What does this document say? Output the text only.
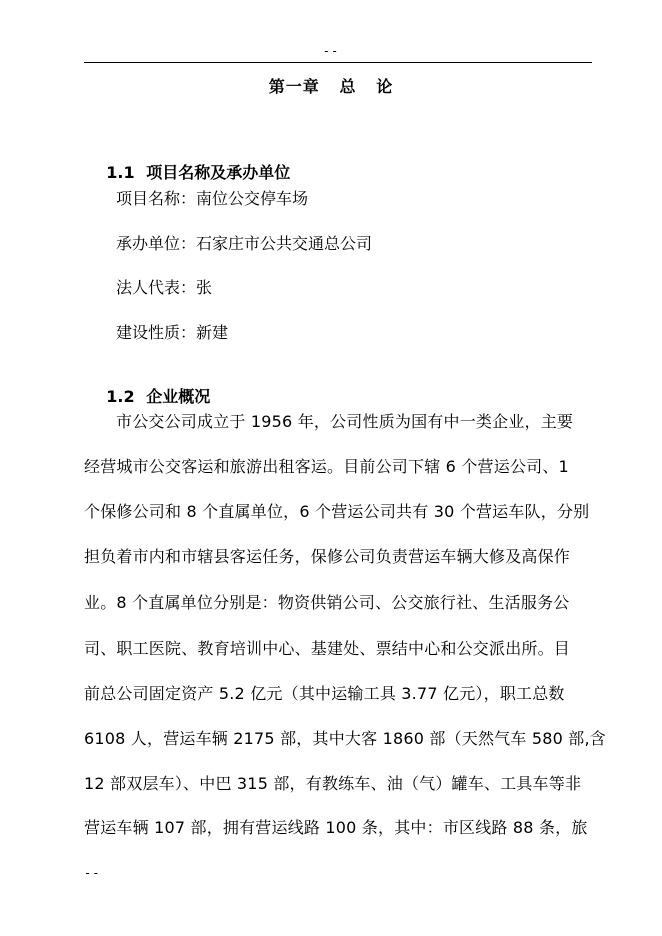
--
第一章   总   论

1.1 项目名称及承办单位

项目名称：南位公交停车场
承办单位：石家庄市公共交通总公司
法人代表：张
建设性质：新建

1.2 企业概况

市公交公司成立于 1956 年，公司性质为国有中一类企业，主要
经营城市公交客运和旅游出租客运。目前公司下辖 6 个营运公司、1
个保修公司和 8 个直属单位，6 个营运公司共有 30 个营运车队，分别
担负着市内和市辖县客运任务，保修公司负责营运车辆大修及高保作
业。8 个直属单位分别是：物资供销公司、公交旅行社、生活服务公
司、职工医院、教育培训中心、基建处、票结中心和公交派出所。目
前总公司固定资产 5.2 亿元（其中运输工具 3.77 亿元），职工总数
6108 人，营运车辆 2175 部，其中大客 1860 部（天然气车 580 部,含
12 部双层车）、中巴 315 部，有教练车、油（气）罐车、工具车等非
营运车辆 107 部，拥有营运线路 100 条，其中：市区线路 88 条，旅
--
